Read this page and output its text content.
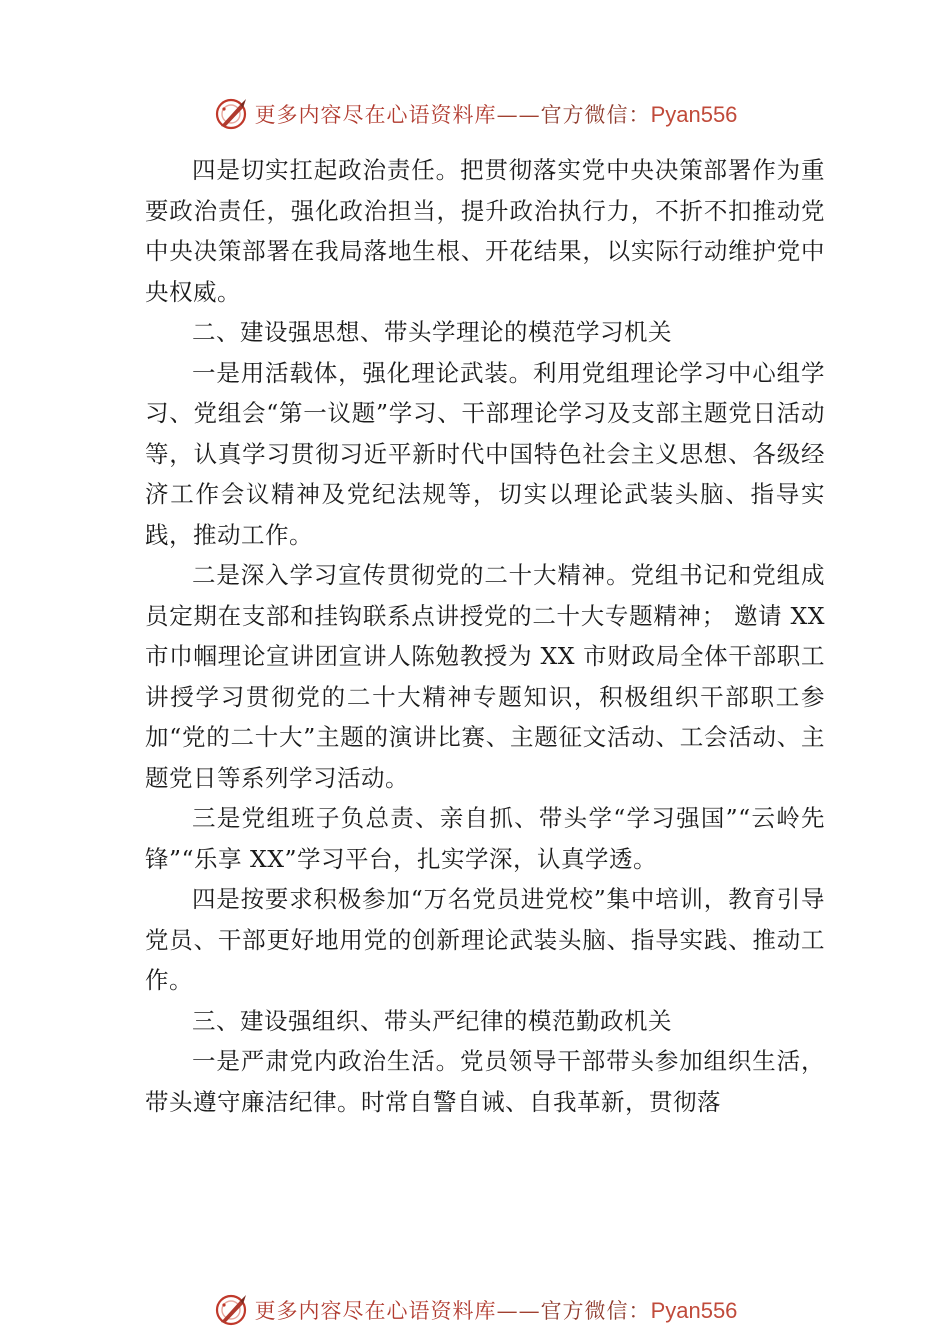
更多内容尽在心语资料库——官方微信：Pyan556

四是切实扛起政治责任。把贯彻落实党中央决策部署作为重要政治责任，强化政治担当，提升政治执行力，不折不扣推动党中央决策部署在我局落地生根、开花结果，以实际行动维护党中央权威。

二、建设强思想、带头学理论的模范学习机关

一是用活载体，强化理论武装。利用党组理论学习中心组学习、党组会“第一议题”学习、干部理论学习及支部主题党日活动等，认真学习贯彻习近平新时代中国特色社会主义思想、各级经济工作会议精神及党纪法规等，切实以理论武装头脑、指导实践，推动工作。

二是深入学习宣传贯彻党的二十大精神。党组书记和党组成员定期在支部和挂钩联系点讲授党的二十大专题精神； 邀请 XX 市巾帼理论宣讲团宣讲人陈勉教授为 XX 市财政局全体干部职工讲授学习贯彻党的二十大精神专题知识，积极组织干部职工参加“党的二十大”主题的演讲比赛、主题征文活动、工会活动、主题党日等系列学习活动。

三是党组班子负总责、亲自抓、带头学“学习强国”“云岭先锋”“乐享 XX”学习平台，扎实学深，认真学透。

四是按要求积极参加“万名党员进党校”集中培训，教育引导党员、干部更好地用党的创新理论武装头脑、指导实践、推动工作。

三、建设强组织、带头严纪律的模范勤政机关

一是严肃党内政治生活。党员领导干部带头参加组织生活，带头遵守廉洁纪律。时常自警自诫、自我革新，贯彻落

更多内容尽在心语资料库——官方微信：Pyan556
